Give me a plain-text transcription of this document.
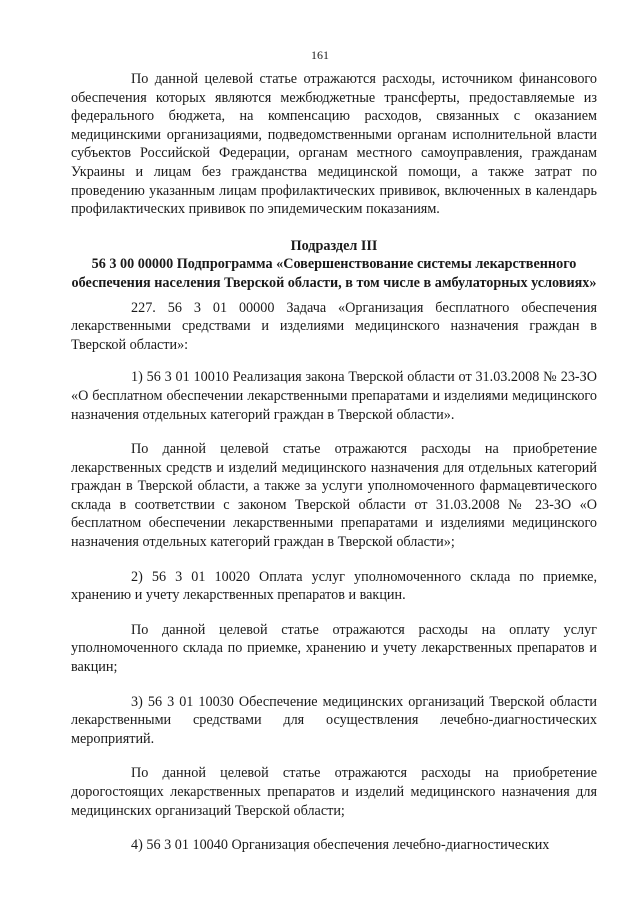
161

По данной целевой статье отражаются расходы, источником финансового обеспечения которых являются межбюджетные трансферты, предоставляемые из федерального бюджета, на компенсацию расходов, связанных с оказанием медицинскими организациями, подведомственными органам исполнительной власти субъектов Российской Федерации, органам местного самоуправления, гражданам Украины и лицам без гражданства медицинской помощи, а также затрат по проведению указанным лицам профилактических прививок, включенных в календарь профилактических прививок по эпидемическим показаниям.

Подраздел III
56 3 00 00000 Подпрограмма «Совершенствование системы лекарственного обеспечения населения Тверской области, в том числе в амбулаторных условиях»

227. 56 3 01 00000 Задача «Организация бесплатного обеспечения лекарственными средствами и изделиями медицинского назначения граждан в Тверской области»:

1) 56 3 01 10010 Реализация закона Тверской области от 31.03.2008 № 23-ЗО «О бесплатном обеспечении лекарственными препаратами и изделиями медицинского назначения отдельных категорий граждан в Тверской области».

По данной целевой статье отражаются расходы на приобретение лекарственных средств и изделий медицинского назначения для отдельных категорий граждан в Тверской области, а также за услуги уполномоченного фармацевтического склада в соответствии с законом Тверской области от 31.03.2008 № 23-ЗО «О бесплатном обеспечении лекарственными препаратами и изделиями медицинского назначения отдельных категорий граждан в Тверской области»;

2) 56 3 01 10020 Оплата услуг уполномоченного склада по приемке, хранению и учету лекарственных препаратов и вакцин.

По данной целевой статье отражаются расходы на оплату услуг уполномоченного склада по приемке, хранению и учету лекарственных препаратов и вакцин;

3) 56 3 01 10030 Обеспечение медицинских организаций Тверской области лекарственными средствами для осуществления лечебно-диагностических мероприятий.

По данной целевой статье отражаются расходы на приобретение дорогостоящих лекарственных препаратов и изделий медицинского назначения для медицинских организаций Тверской области;

4) 56 3 01 10040 Организация обеспечения лечебно-диагностических
